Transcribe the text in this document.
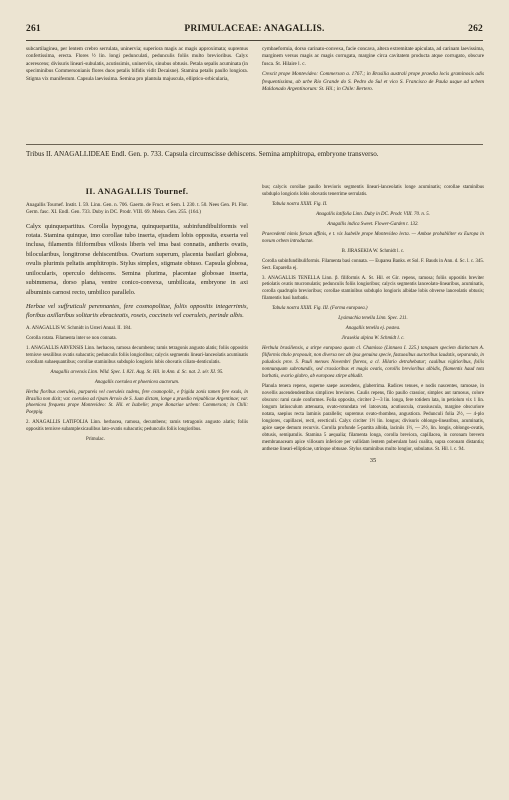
261	PRIMULACEAE: ANAGALLIS.	262
subcartilaginea, per lentem crebro serrulata, uninervia; superiora magis ac magis approximata; supremus confertissima, erecta. Flores ½ lin. longi pedunculati, pedunculis foliis multo brevioribus. Calyx acerescens; divisuris lineari-subulatis, acutissimis, uninerviis, sinubus obtusis. Petala sepalis acuminata (in speciminibus Commersonianis flores duos petalis bifidis vidit Decaisne). Stamina petalis paullo longiora. Stigma vix manifestum. Capsula laevissima. Semina pro plantula majuscula, elliptico-orbicularia,
cymbaeformia, dorso carinato-convexa, facie concava, altera extremitate apiculata, ad carinam laevissima, marginem versus magis ac magis corrugata, margine circa cavitatem producta atque corrugato, obscure fusca. St. Hilaire l. c.
Crescit prope Montevideo: Commerson a. 1767.; in Brasilia australi prope praedia locis graminosis adis frequentissima, ab urbe Rio Grande do S. Pedro do Sul et vico S. Francisco de Paula usque ad urbem Maldonado Argentinorum: St. Hil.; in Chile: Bertero.
Tribus II. ANAGALLIDEAE Endl. Gen. p. 733. Capsula circumscisse dehiscens. Semina amphitropa, embryone transverso.
II. ANAGALLIS Tournef.
Anagallis Tournef. Instit. I. 59. Linn. Gen. n. 706. Gaertn. de Fruct. et Sem. I. 230. t. 50. Nees Gen. Pl. Flor. Germ. fasc. XI. Endl. Gen. 733. Duby in DC. Prodr. VIII. 69. Meisn. Gen. 255. (164.)
Calyx quinquepartitus. Corolla hypogyna, quinquepartita, subinfundibuliformis vel rotata. Stamina quinque, imo corollae tubo inserta, ejusdem lobis opposita, exserta vel inclusa, filamentis filiformibus villosis liberis vel ima basi connatis, antheris ovatis, bilocularibus, longitrorse dehiscentibus. Ovarium superum, placenta basilari globosa, ovulis plurimis peltatis amphitropis. Stylus simplex, stigmate obtuso. Capsula globosa, unilocularis, operculo dehiscens. Semina plurima, placentae globosae inserta, subimmersa, dorso plana, ventre conico-convexa, umbilicata, embryone in axi albuminis carnosi recto, umbilico parallelo.
Herbae vel suffruticuli perennantes, fere cosmopolitae, foliis oppositis integerrimis, floribus axillaribus solitariis ebracteatis, roseis, coccineis vel coeruleis, perinde albis.
A. ANAGALLIS W. Schmidt in Usteri Annal. II. 184.
Corolla rotata. Filamenta inter se non connata.
1. ANAGALLIS ARVENSIS Linn. herbacea, ramosa decumbens; ramis tetragonis angusto alatis; foliis oppositis ternisve sessilibus ovatis subacutis; pedunculis foliis longioribus; calycis segmentis lineari-lanceolatis acuminatis corollam subaequantibus; corollae staminibus subduplo longioris lobis obovatis ciliato-denticulatis.
Anagallis arvensis Linn. Wild. Spec. I. 821. Aug. St. Hil. in Ann. d. Sc. nat. 2. sér. XI. 95.
Anagallis coerulea et phoenicea auctorum.
Herba floribus coeruleis, purpureis vel coeruleis tadens, fere cosmopolit., e frigida zonis tamen fere exuls, in Brasilia non dixit; var. coerulea ad ripam Arroio de S. Juan dictam, longe a praedio reipublicae Argentinae; var. phoenicea frequens prope Montevideo: St. Hil. et Isabelle; prope Bonariae urbem: Commerson; in Chili: Poeppig.
2. ANAGALLIS LATIFOLIA Linn. herbacea, ramosa, decumbens; ramis tetragonis angusto alatis; foliis oppositis ternisve subamplexicaulibus lato-ovatis subacutis; pedunculis foliis longioribus.
Primulac.
bus; calycis corollae paullo brevioris segmentis lineari-lanceolatis longe acuminatis; corollae staminibus subduplo longioris lobis obovatis tenerrime serrulatis.
Tabula nostra XXIII. Fig. II.
Anagallis latifolia Linn. Duby in DC. Prodr. VIII. 70. n. 5.
Anagallis indica Sweet. Flower-Garden t. 132.
Praecedenti nimis forsan affinis, e t. vix Isabelle prope Montevideo lecta. — Ambae probabiliter ex Europa in novum orbem introductae.
B. JIRASEKIA W. Schmidt l. c.
Corolla subinfundibuliformis. Filamenta basi connata. — Euparea Banks. et Sol. F. Bauds in Ann. d. Sc. l. c. 345. Sect. Euparella ej.
3. ANAGALLIS TENELLA Linn. β. filiformis A. St. Hil. et Gir. repens, ramosa; foliis oppositis breviter petiolatis ovatis mucronulatis; pedunculis foliis longioribus; calycis segmentis lanceolato-linearibus, acuminatis, corolla quadruplo brevioribus; corollae staminibus subduplo longioris albidae lobis obverse lanceolatis obtusis; filamentis basi barbatis.
Tabula nostra XXIII. Fig. III. (Forma europaea.)
Lysimachia tenella Linn. Spec. 211.
Anagallis tenella ej. postea.
Jirasekia alpina W. Schmidt l. c.
Herbula brasiliensis, a stirpe europaea quam cl. Chamisso (Linnaea I. 225.) tanquam speciem distinctam A. filiformis titulo proposuit, non diversa nec ab ipsa genuina specie, fastuosibus auctoribus laudatis, separanda, in paludosis prov. S. Pauli menses Novembri florens, a cl. Hilario detrahebatur; caulibus vigitioribus, foliis nonnunquam subrotundis, sed crassioribus et magis ovatis, corollis brevioribus albidis, filamentis haud tota barbatis, ovario glabro, ab europaea stirpe abludit.
Planula tenera repens, superne saepe ascendens, glaberrima. Radices tenues, e nodis nascentes, ramosae, in novellis ascendendentibus simplices breviores. Caulis repens, filo paullo crassior, simplex aut ramosus, colore obscuro: rami caule conformes. Folia opposita, circiter 2—3 lin. longa, fere totidem lata, in petiolum vix 1 lin. longum latiusculum attenuata, ovato-rotundata vel latoovata, acutiuscula, crassiuscula, margine obscuriore notata, saepius recta laminis parallelis; supremus ovato-rhombea, angustiora. Pedunculi folia 2½, — 4-plo longiores, capillacei, recti, erecticuli. Calyx circiter 1½ lin. longus; divisuris oblongo-linearibus, acuminatis, apice saepe demum recurvis. Corolla profunde 5-partita albida, laciniis 1½, — 2½, lin. longis, oblongo-ovatis, obtusis, semipatulis. Stamina 5 aequalia; filamenta longa, corolla breviora, capillacea, in coronam brevem membranaceam apice villosum inferiore per vallidam lentem puberulam basi coalita, supra coronam distantia; antherae lineari-ellipticae, utrinque obtusae. Stylus staminibus multo longior, subulatus. St. Hil. l. c. 94.
35
